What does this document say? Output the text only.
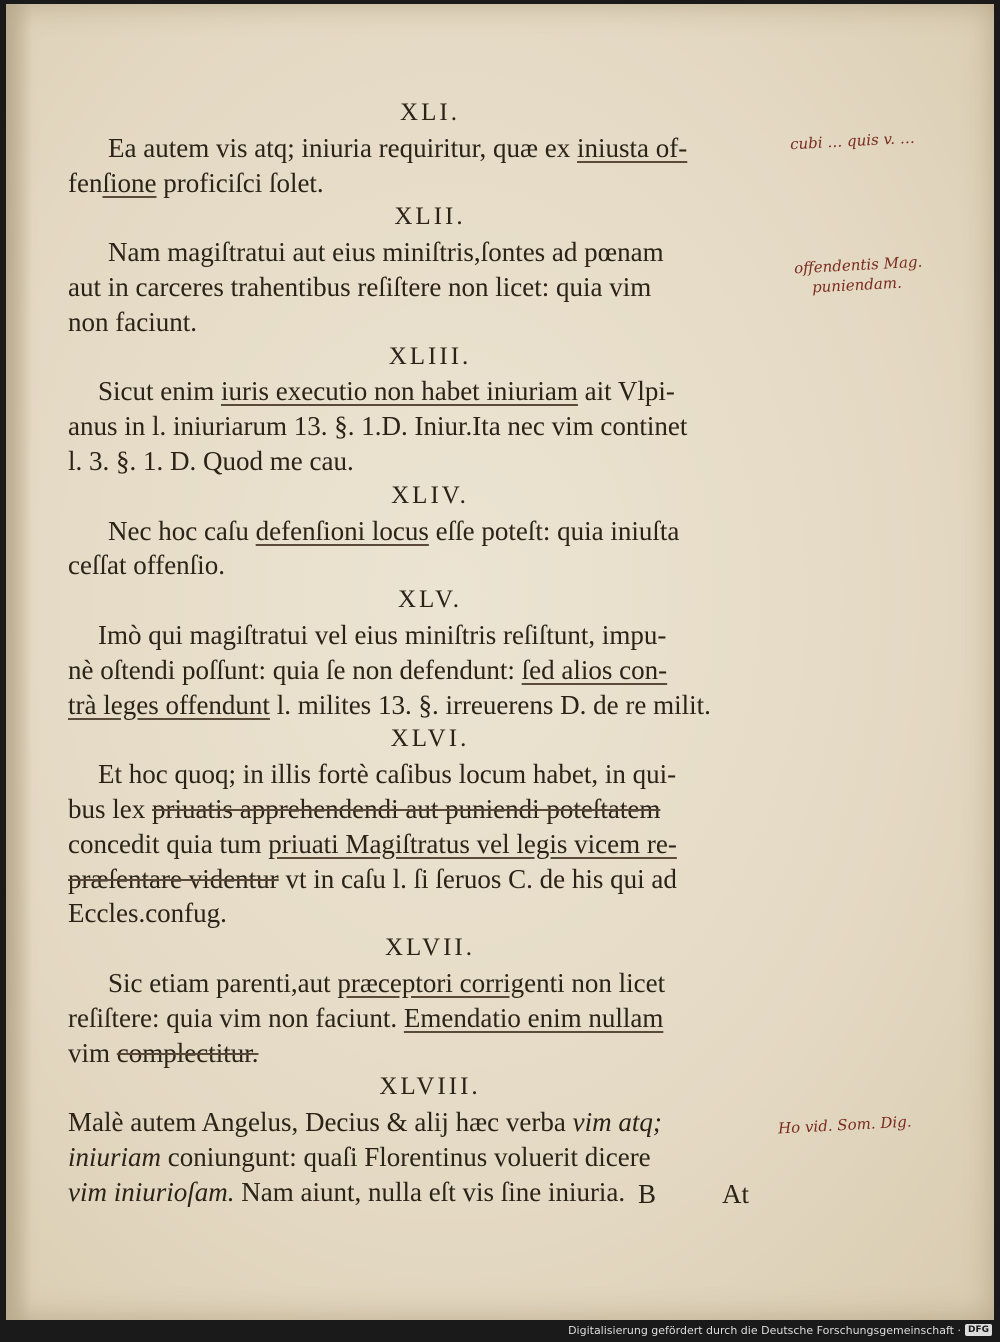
XLI.
Ea autem vis atq; iniuria requiritur, quæ ex iniusta of-
fenſione proficiſci ſolet.
XLII.
Nam magiſtratui aut eius miniſtris,ſontes ad pœnam
aut in carceres trahentibus reſiſtere non licet: quia vim
non faciunt.
XLIII.
Sicut enim iuris executio non habet iniuriam ait Vlpi-
anus in l. iniuriarum 13. §. 1.D. Iniur.Ita nec vim continet
l. 3. §. 1. D. Quod me cau.
XLIV.
Nec hoc caſu defenſioni locus eſſe poteſt: quia iniuſta
ceſſat offenſio.
XLV.
Imò qui magiſtratui vel eius miniſtris reſiſtunt, impu-
nè oſtendi poſſunt: quia ſe non defendunt: ſed alios con-
trà leges offendunt l. milites 13. §. irreuerens D. de re milit.
XLVI.
Et hoc quoq; in illis fortè caſibus locum habet, in qui-
bus lex priuatis apprehendendi aut puniendi poteſtatem
concedit quia tum priuati Magiſtratus vel legis vicem re-
præſentare videntur vt in caſu l. ſi ſeruos C. de his qui ad
Eccles.confug.
XLVII.
Sic etiam parenti,aut præceptori corrigenti non licet
reſiſtere: quia vim non faciunt. Emendatio enim nullam
vim complectitur.
XLVIII.
Malè autem Angelus, Decius & alij hæc verba vim atq;
iniuriam coniungunt: quaſi Florentinus voluerit dicere
vim iniurioſam. Nam aiunt, nulla eſt vis ſine iniuria. B At
cubi … quis v. …
offendentis Mag.
puniendam.
Ho vid. Som. Dig.
Digitalisierung gefördert durch die Deutsche Forschungsgemeinschaft · DFG
